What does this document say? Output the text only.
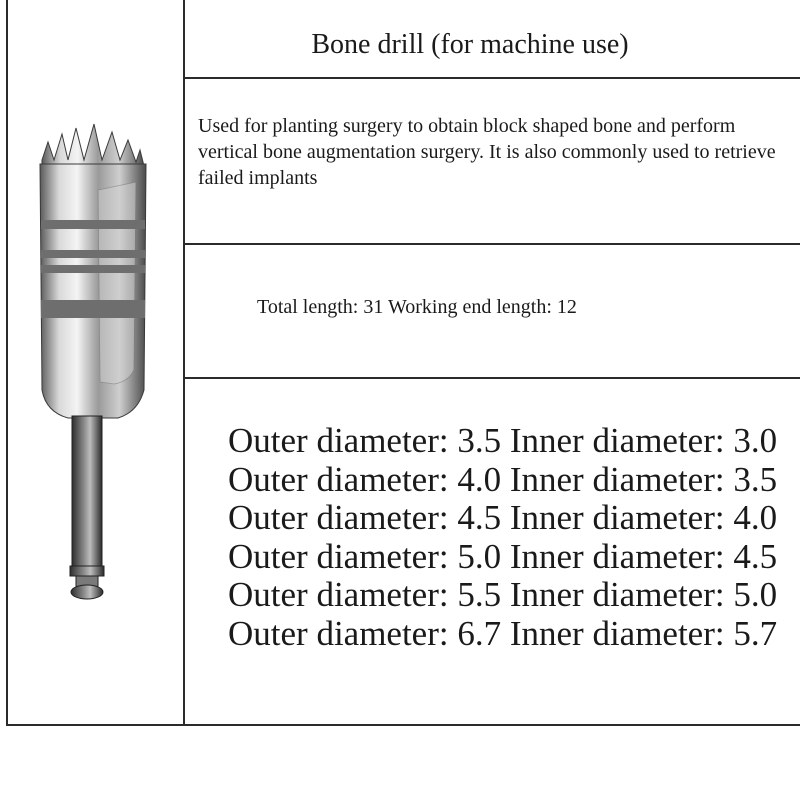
Bone drill (for machine use)
Used for planting surgery to obtain block shaped bone and perform vertical bone augmentation surgery. It is also commonly used to retrieve failed implants
Total length: 31 Working end length: 12
Outer diameter: 3.5 Inner diameter: 3.0
Outer diameter: 4.0 Inner diameter: 3.5
Outer diameter: 4.5 Inner diameter: 4.0
Outer diameter: 5.0 Inner diameter: 4.5
Outer diameter: 5.5 Inner diameter: 5.0
Outer diameter: 6.7 Inner diameter: 5.7
